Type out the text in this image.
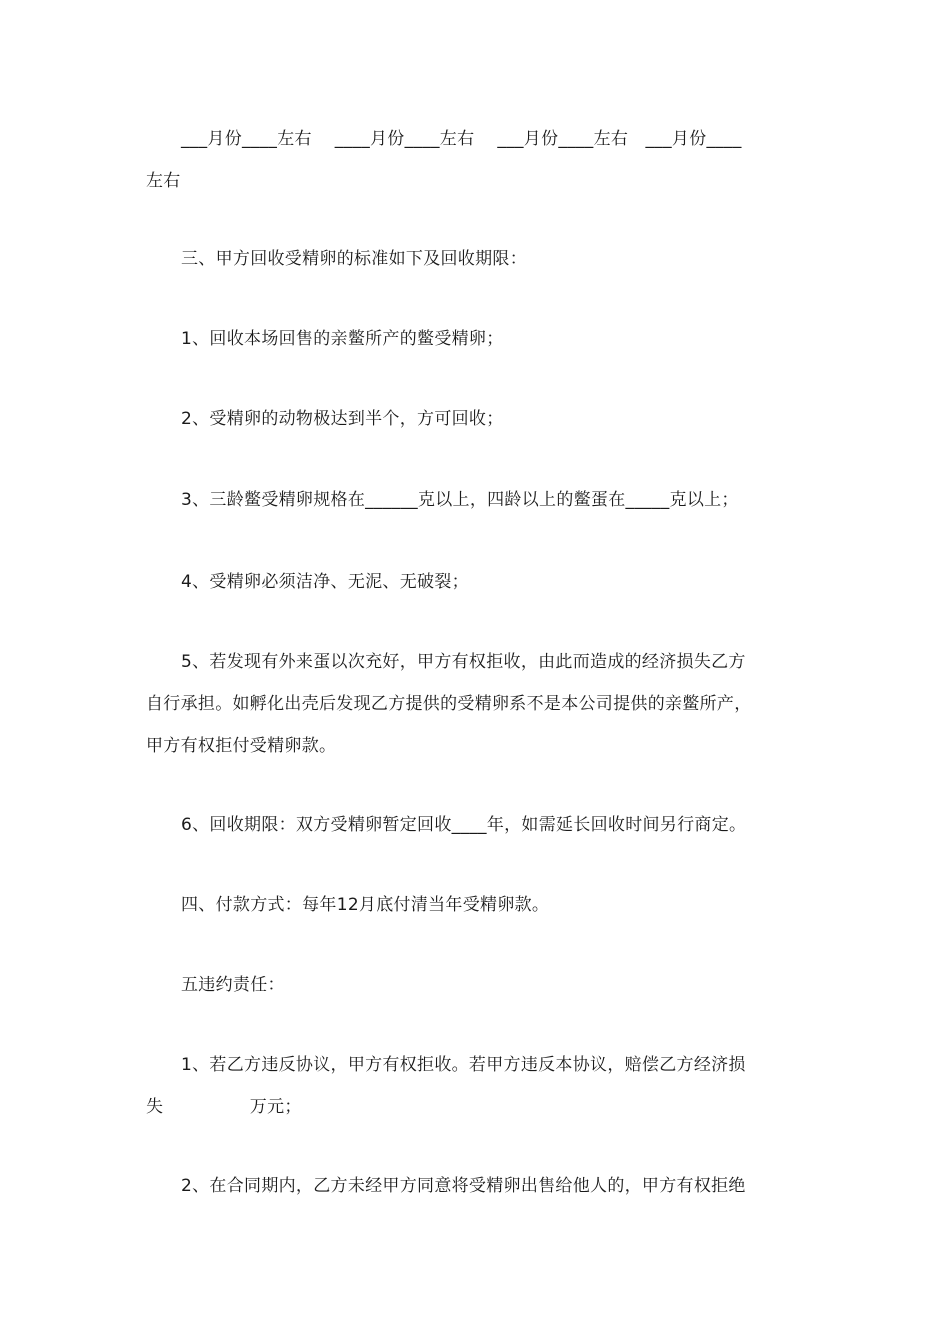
___月份____左右　 ____月份____左右　 ___月份____左右　___月份____
左右
三、甲方回收受精卵的标准如下及回收期限：
1、回收本场回售的亲鳖所产的鳖受精卵；
2、受精卵的动物极达到半个，方可回收；
3、三龄鳖受精卵规格在______克以上，四龄以上的鳖蛋在_____克以上；
4、受精卵必须洁净、无泥、无破裂；
5、若发现有外来蛋以次充好，甲方有权拒收，由此而造成的经济损失乙方
自行承担。如孵化出壳后发现乙方提供的受精卵系不是本公司提供的亲鳖所产，
甲方有权拒付受精卵款。
6、回收期限：双方受精卵暂定回收____年，如需延长回收时间另行商定。
四、付款方式：每年12月底付清当年受精卵款。
五违约责任：
1、若乙方违反协议，甲方有权拒收。若甲方违反本协议，赔偿乙方经济损
失　　　　　万元；
2、在合同期内，乙方未经甲方同意将受精卵出售给他人的，甲方有权拒绝
